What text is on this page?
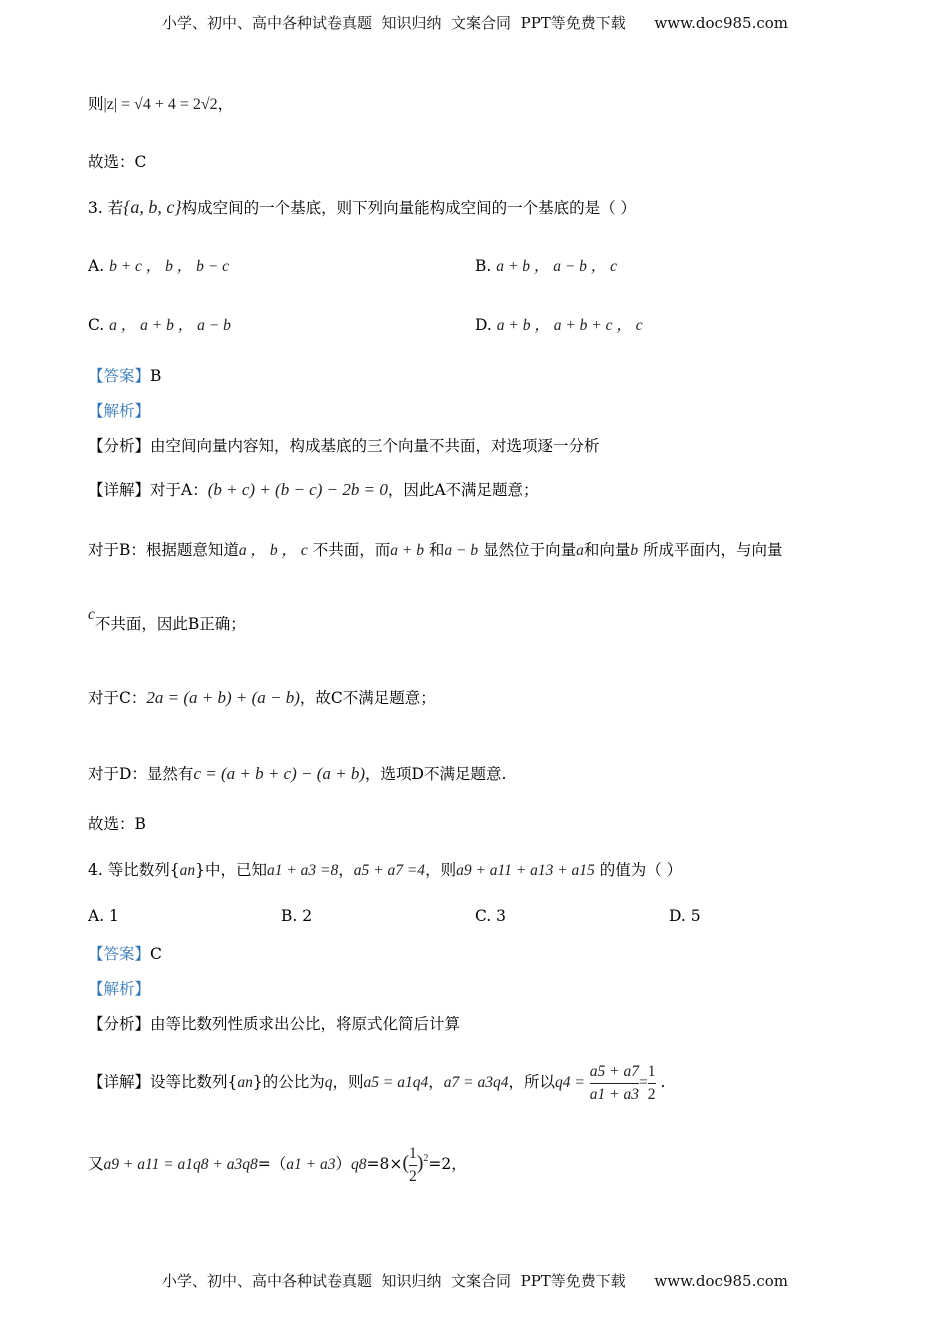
小学、初中、高中各种试卷真题  知识归纳  文案合同  PPT等免费下载 www.doc985.com
则|z| = √4 + 4 = 2√2，
故选：C
3. 若{a, b, c}构成空间的一个基底，则下列向量能构成空间的一个基底的是（ ）
A. b + c ， b ， b − c	B. a + b ， a − b ， c
C. a ， a + b ， a − b	D. a + b ， a + b + c ， c
【答案】B
【解析】
【分析】由空间向量内容知，构成基底的三个向量不共面，对选项逐一分析
【详解】对于A：(b + c) + (b − c) − 2b = 0，因此A不满足题意；
对于B：根据题意知道a ， b ， c 不共面，而a + b 和a − b 显然位于向量a和向量b 所成平面内，与向量
c不共面，因此B正确；
对于C：2a = (a + b) + (a − b)，故C不满足题意；
对于D：显然有c = (a + b + c) − (a + b)，选项D不满足题意.
故选：B
4. 等比数列{an}中，已知a1 + a3 =8，a5 + a7 =4，则a9 + a11 + a13 + a15 的值为（ ）
A. 1	B. 2	C. 3	D. 5
【答案】C
【解析】
【分析】由等比数列性质求出公比，将原式化简后计算
【详解】设等比数列{an}的公比为q，则a5 = a1q4，a7 = a3q4，所以$q4 = \frac{a5 + a7}{a1 + a3} = \frac{1}{2}$ .
又$a9 + a11 = a1q8 + a3q8=(a1 + a3)q8=8\times( \frac{1}{2} )^2=2$，
小学、初中、高中各种试卷真题  知识归纳  文案合同  PPT等免费下载 www.doc985.com
